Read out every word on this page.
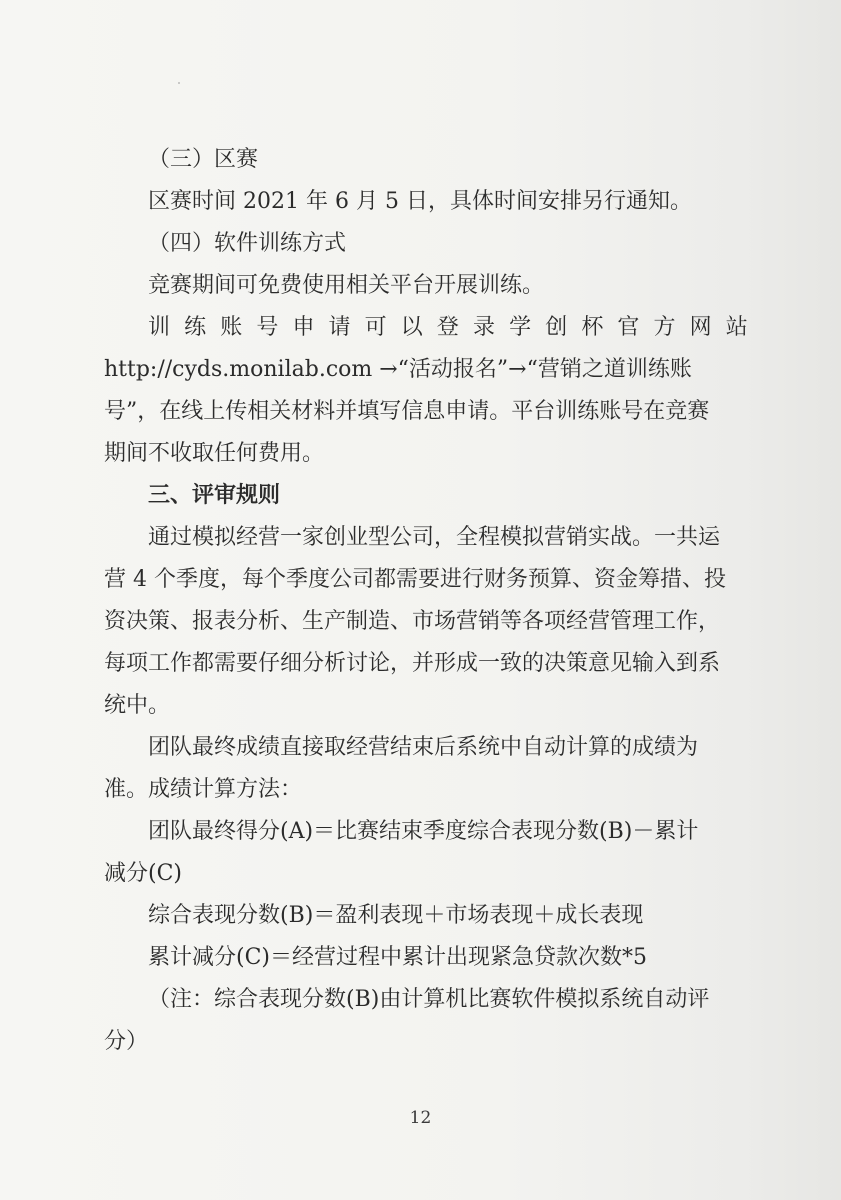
（三）区赛
区赛时间 2021 年 6 月 5 日，具体时间安排另行通知。
（四）软件训练方式
竞赛期间可免费使用相关平台开展训练。
训 练 账 号 申 请 可 以 登 录 学 创 杯 官 方 网 站
http://cyds.monilab.com →“活动报名”→“营销之道训练账
号”，在线上传相关材料并填写信息申请。平台训练账号在竞赛
期间不收取任何费用。
三、评审规则
通过模拟经营一家创业型公司，全程模拟营销实战。一共运
营 4 个季度，每个季度公司都需要进行财务预算、资金筹措、投
资决策、报表分析、生产制造、市场营销等各项经营管理工作，
每项工作都需要仔细分析讨论，并形成一致的决策意见输入到系
统中。
团队最终成绩直接取经营结束后系统中自动计算的成绩为
准。成绩计算方法：
团队最终得分(A)＝比赛结束季度综合表现分数(B)－累计
减分(C)
综合表现分数(B)＝盈利表现＋市场表现＋成长表现
累计减分(C)＝经营过程中累计出现紧急贷款次数*5
（注：综合表现分数(B)由计算机比赛软件模拟系统自动评
分）
12
